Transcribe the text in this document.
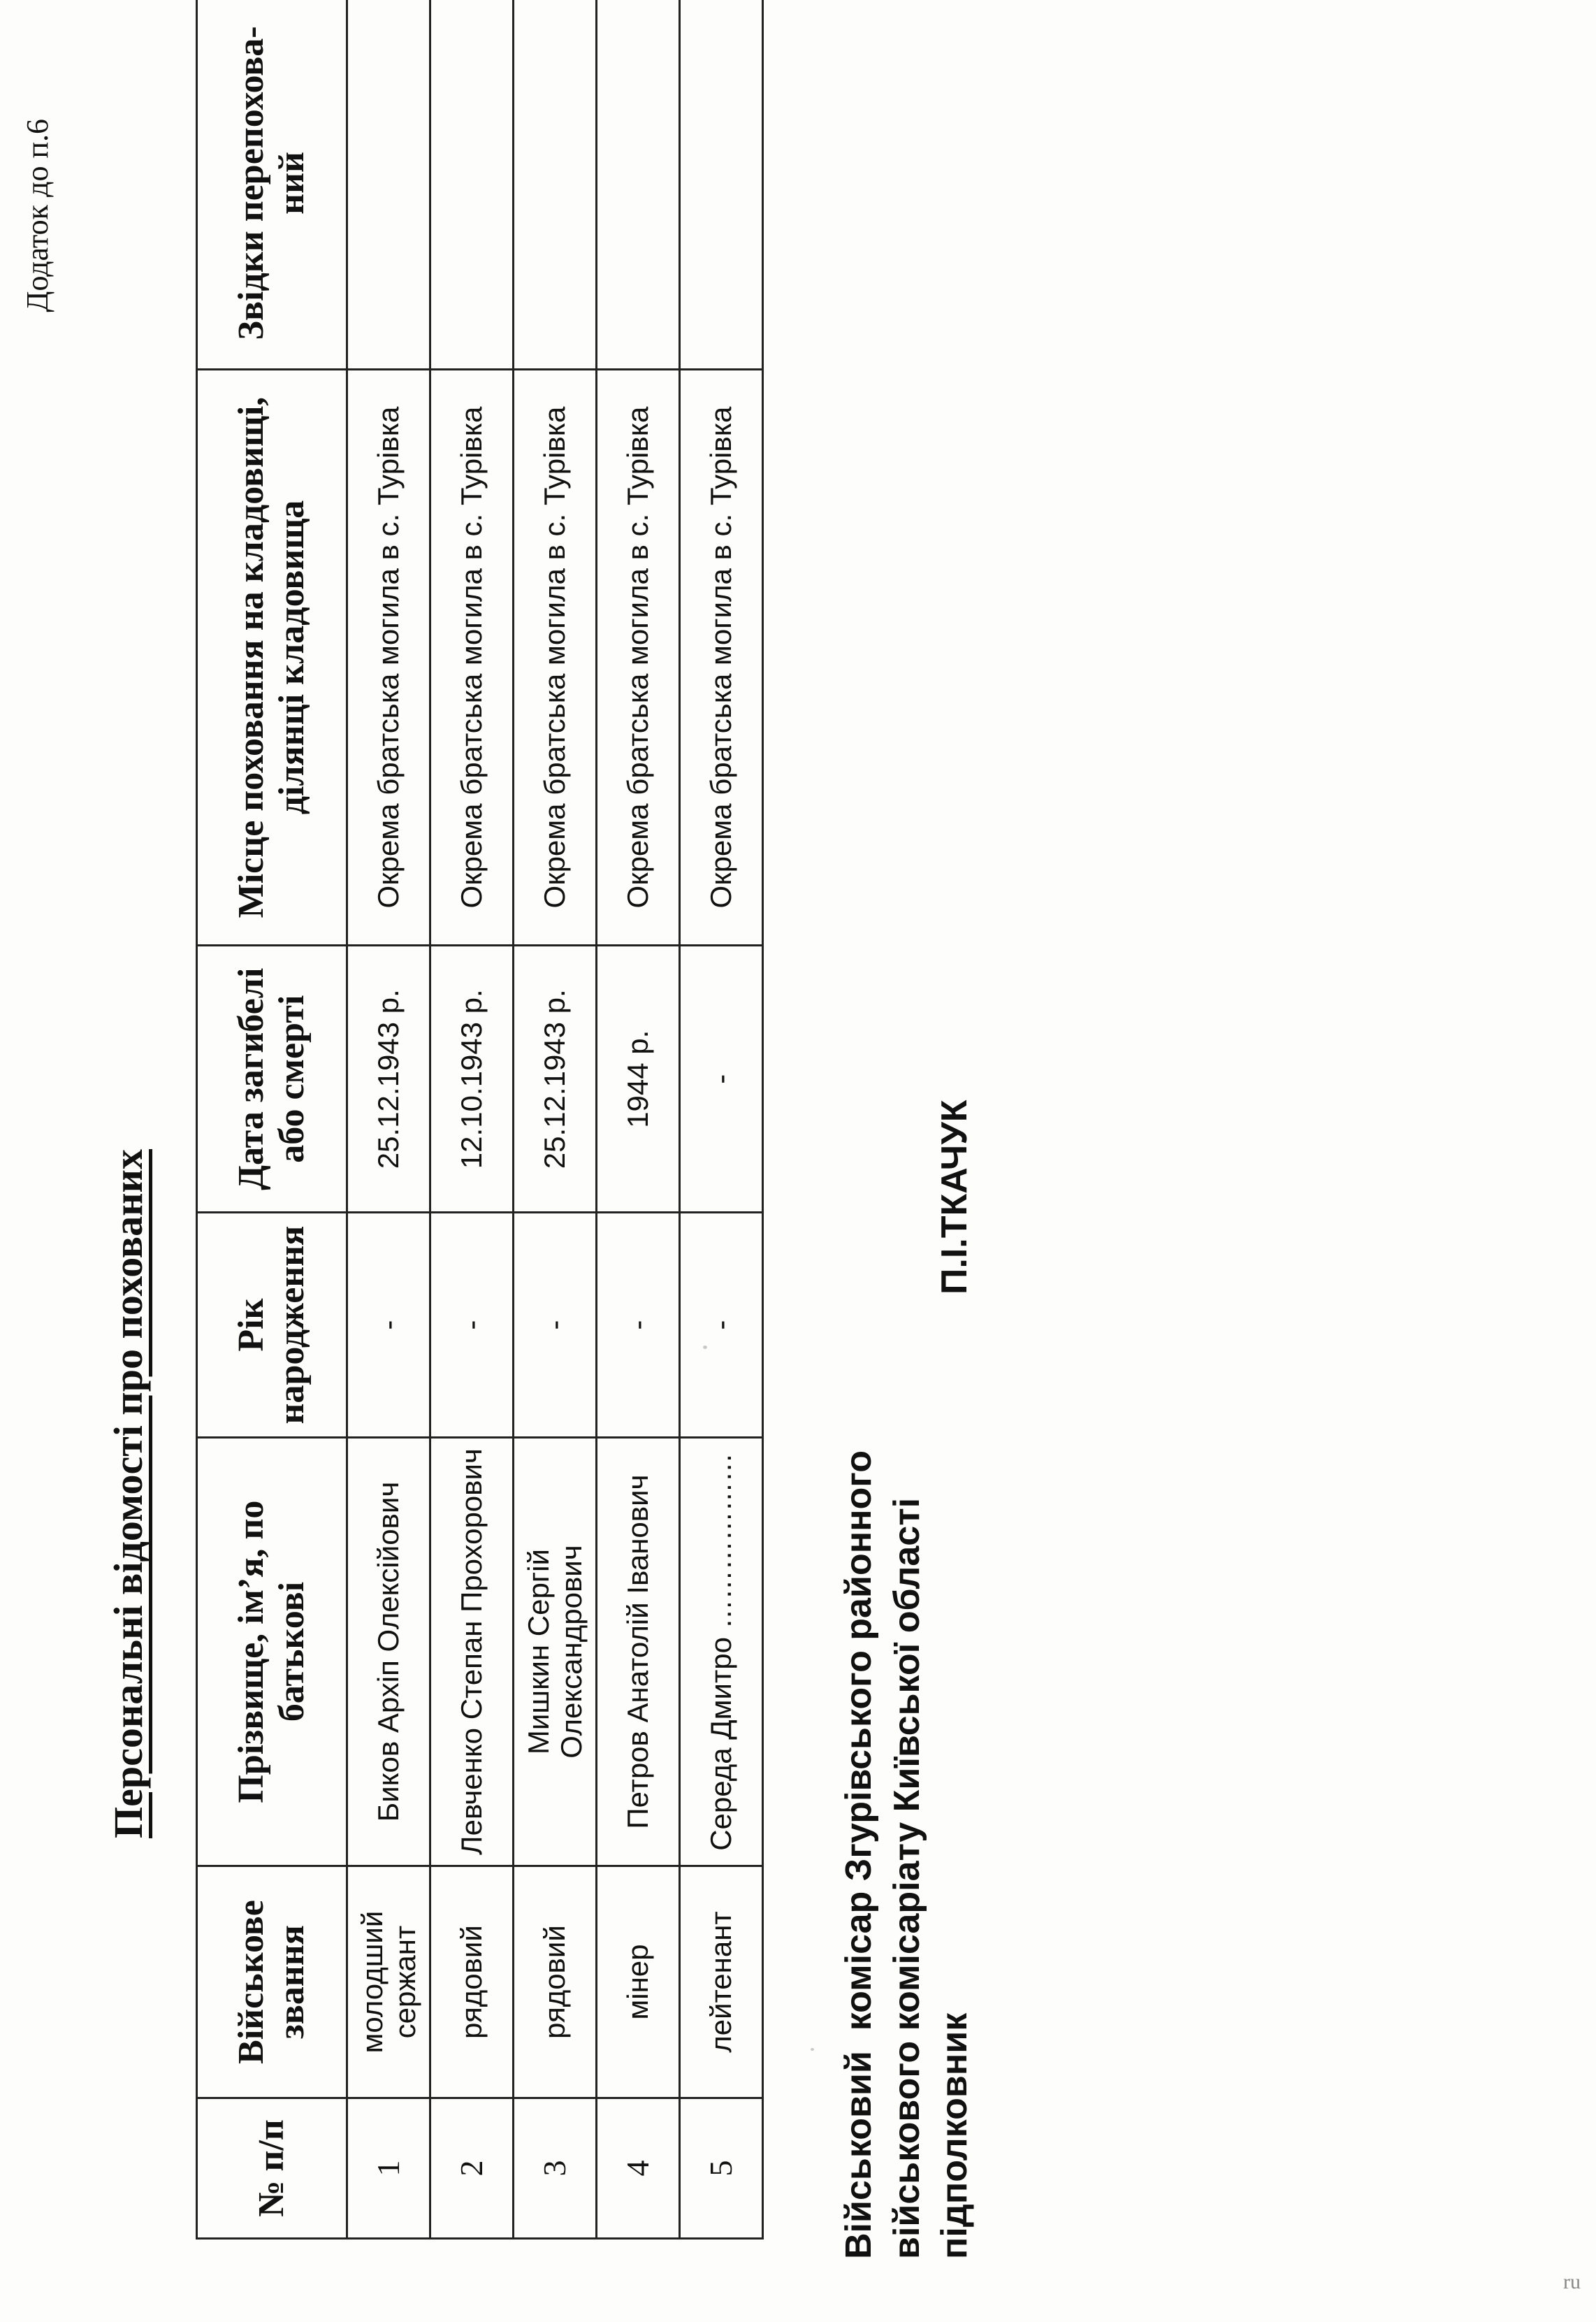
Додаток до п.6
Персональні відомості про похованих
№ п/п	Військове звання	Прізвище, ім’я, по батькові	Рік народження	Дата загибелі або смерті	Місце поховання на кладовищі, ділянці кладовища	Звідки перепохова-ний
1	молодший сержант	Биков Архіп Олексійович	-	25.12.1943 р.	Окрема братська могила в с. Турівка	
2	рядовий	Левченко Степан Прохорович	-	12.10.1943 р.	Окрема братська могила в с. Турівка	
3	рядовий	Мишкин Сергій Олександрович	-	25.12.1943 р.	Окрема братська могила в с. Турівка	
4	мінер	Петров Анатолій Іванович	-	1944 р.	Окрема братська могила в с. Турівка	
5	лейтенант	Середа Дмитро ………………	-	-	Окрема братська могила в с. Турівка	
Військовий  комісар Згурівського районного військового комісаріату Київської області підполковник
П.І.ТКАЧУК
ru
